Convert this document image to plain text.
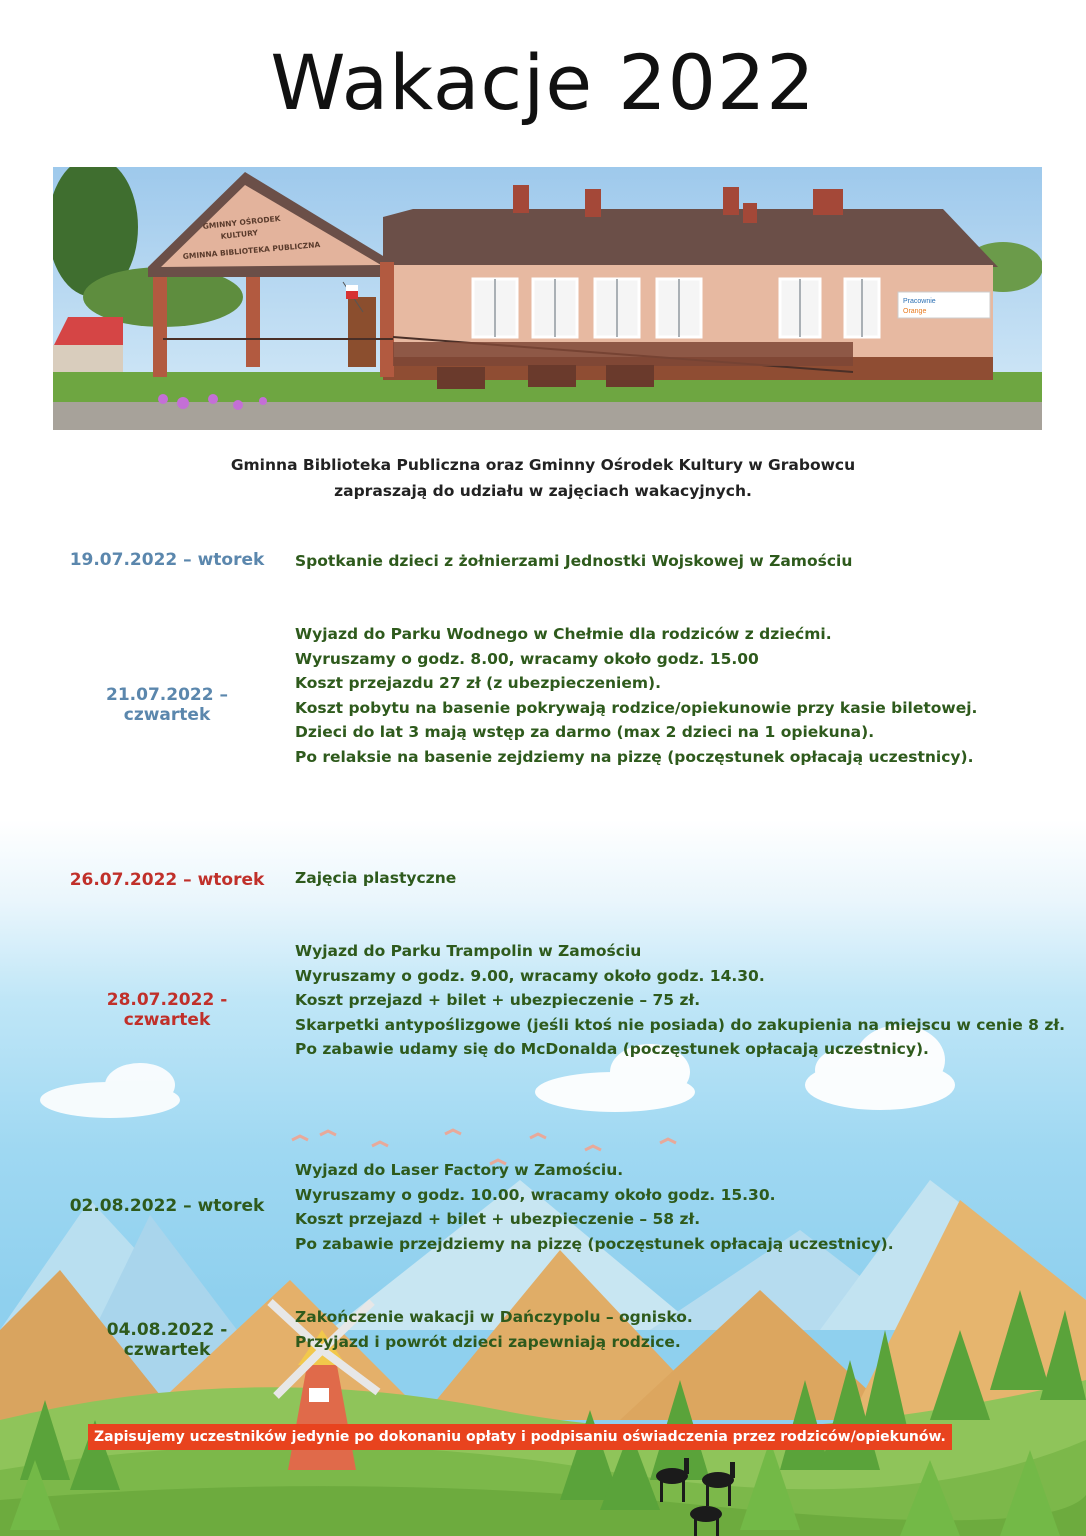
Wakacje 2022
Pracownie
Orange
GMINNY OŚRODEK
KULTURY
GMINNA BIBLIOTEKA PUBLICZNA
Gminna Biblioteka Publiczna oraz Gminny Ośrodek Kultury w Grabowcu
zapraszają do udziału w zajęciach wakacyjnych.
19.07.2022 – wtorek	Spotkanie dzieci z żołnierzami Jednostki Wojskowej w Zamościu
21.07.2022 – czwartek
Wyjazd do Parku Wodnego w Chełmie dla rodziców z dziećmi.
Wyruszamy o godz. 8.00, wracamy około godz. 15.00
Koszt przejazdu 27 zł (z ubezpieczeniem).
Koszt pobytu na basenie pokrywają rodzice/opiekunowie przy kasie biletowej.
Dzieci do lat 3 mają wstęp za darmo (max 2 dzieci na 1 opiekuna).
Po relaksie na basenie zejdziemy na pizzę (poczęstunek opłacają uczestnicy).
26.07.2022 – wtorek	Zajęcia plastyczne
28.07.2022 - czwartek
Wyjazd do Parku Trampolin w Zamościu
Wyruszamy o godz. 9.00, wracamy około godz. 14.30.
Koszt przejazd + bilet + ubezpieczenie – 75 zł.
Skarpetki antypoślizgowe (jeśli ktoś nie posiada) do zakupienia na miejscu w cenie 8 zł.
Po zabawie udamy się do McDonalda (poczęstunek opłacają uczestnicy).
02.08.2022 – wtorek
Wyjazd do Laser Factory w Zamościu.
Wyruszamy o godz. 10.00, wracamy około godz. 15.30.
Koszt przejazd + bilet + ubezpieczenie – 58 zł.
Po zabawie przejdziemy na pizzę (poczęstunek opłacają uczestnicy).
04.08.2022 - czwartek
Zakończenie wakacji w Dańczypolu – ognisko.
Przyjazd i powrót dzieci zapewniają rodzice.
Zapisujemy uczestników jedynie po dokonaniu opłaty i podpisaniu oświadczenia przez rodziców/opiekunów.
